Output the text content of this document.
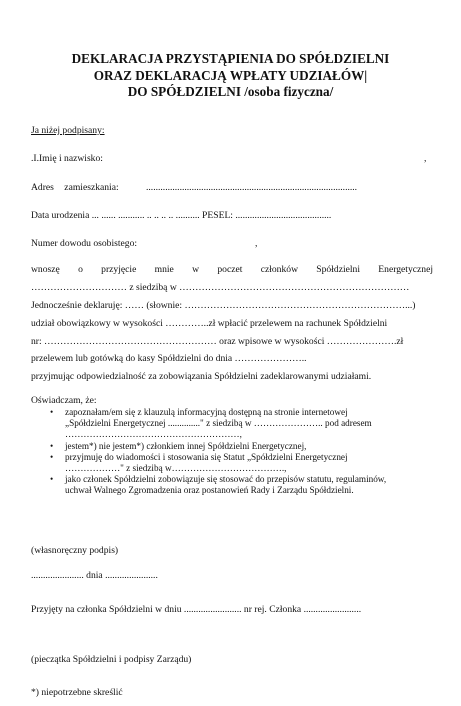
DEKLARACJA PRZYSTĄPIENIA DO SPÓŁDZIELNI
ORAZ DEKLARACJĄ WPŁATY UDZIAŁÓW|
DO SPÓŁDZIELNI /osoba fizyczna/
Ja niżej podpisany:
.I.Imię i nazwisko:	,
Adres zamieszkania:	........................................................................................
Data urodzenia ... ...... ........... .. .. .. .. .......... PESEL: ........................................
Numer dowodu osobistego:	,
wnoszę o przyjęcie mnie w poczet członków Spółdzielni Energetycznej
………………………… z siedzibą w ………………………………………………………………
Jednocześnie deklaruję: …… (słownie: ……………………………………………………………...)
udział obowiązkowy w wysokości …………..zł wpłacić przelewem na rachunek Spółdzielni
nr: ……………………………………………… oraz wpisowe w wysokości ………………….zł
przelewem lub gotówką do kasy Spółdzielni do dnia …………………..
przyjmując odpowiedzialność za zobowiązania Spółdzielni zadeklarowanymi udziałami.
Oświadczam, że:
• zapoznałam/em się z klauzulą informacyjną dostępną na stronie internetowej
„Spółdzielni Energetycznej .............." z siedzibą w ………………….. pod adresem
…………………………………………………,
• jestem*) nie jestem*) członkiem innej Spółdzielni Energetycznej,
• przyjmuję do wiadomości i stosowania się Statut „Spółdzielni Energetycznej
………………" z siedzibą w……………………………….,
• jako członek Spółdzielni zobowiązuje się stosować do przepisów statutu, regulaminów,
uchwał Walnego Zgromadzenia oraz postanowień Rady i Zarządu Spółdzielni.
(własnoręczny podpis)
...................... dnia ......................
Przyjęty na członka Spółdzielni w dniu ........................ nr rej. Członka ........................
(pieczątka Spółdzielni i podpisy Zarządu)
*) niepotrzebne skreślić
